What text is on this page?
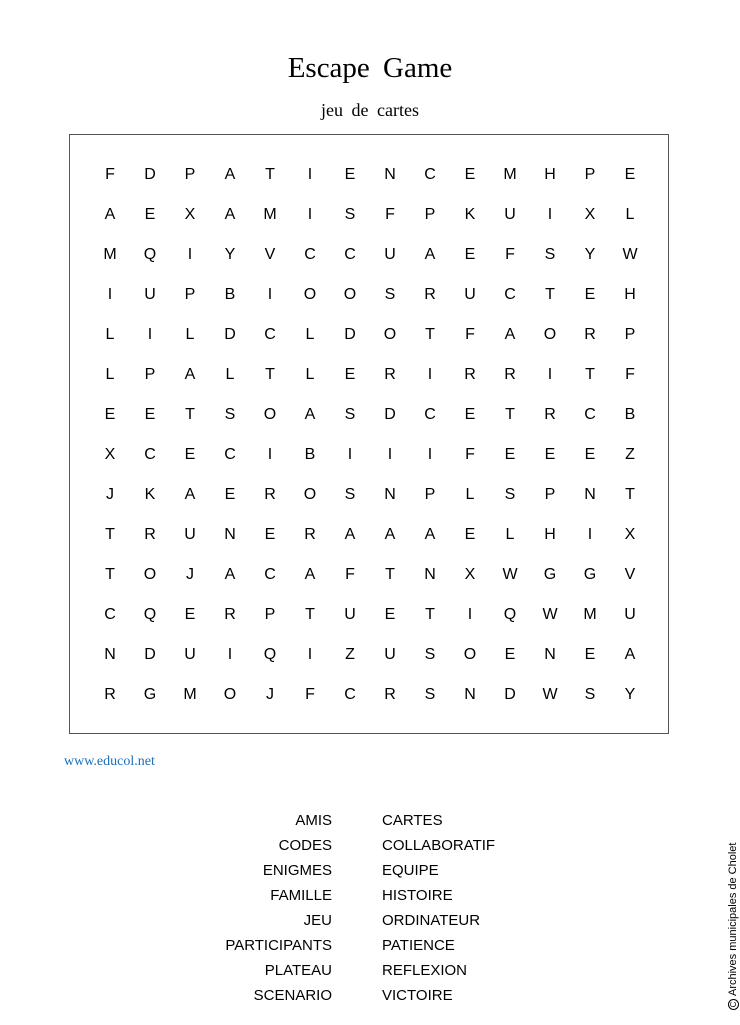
Escape Game
jeu de cartes
F	D	P	A	T	I	E	N	C	E	M	H	P	E
A	E	X	A	M	I	S	F	P	K	U	I	X	L
M	Q	I	Y	V	C	C	U	A	E	F	S	Y	W
I	U	P	B	I	O	O	S	R	U	C	T	E	H
L	I	L	D	C	L	D	O	T	F	A	O	R	P
L	P	A	L	T	L	E	R	I	R	R	I	T	F
E	E	T	S	O	A	S	D	C	E	T	R	C	B
X	C	E	C	I	B	I	I	I	F	E	E	E	Z
J	K	A	E	R	O	S	N	P	L	S	P	N	T
T	R	U	N	E	R	A	A	A	E	L	H	I	X
T	O	J	A	C	A	F	T	N	X	W	G	G	V
C	Q	E	R	P	T	U	E	T	I	Q	W	M	U
N	D	U	I	Q	I	Z	U	S	O	E	N	E	A
R	G	M	O	J	F	C	R	S	N	D	W	S	Y
www.educol.net
AMIS
CODES
ENIGMES
FAMILLE
JEU
PARTICIPANTS
PLATEAU
SCENARIO
CARTES
COLLABORATIF
EQUIPE
HISTOIRE
ORDINATEUR
PATIENCE
REFLEXION
VICTOIRE
C
Archives municipales de Cholet
